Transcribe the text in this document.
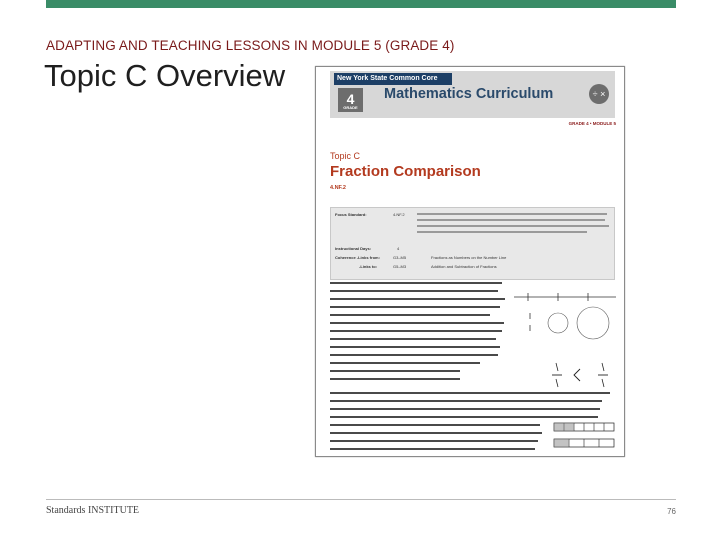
ADAPTING AND TEACHING LESSONS IN MODULE 5 (GRADE 4)
Topic C Overview	New York State Common Core
4
GRADE
Mathematics Curriculum	÷ ×
GRADE 4 • MODULE 5
Topic C
Fraction Comparison
4.NF.2
Focus Standard:	4.NF.2
Instructional Days:	4
Coherence -Links from:	G3–M5	Fractions as Numbers on the Number Line
-Links to:	G5–M3	Addition and Subtraction of Fractions
Standards INSTITUTE	76
